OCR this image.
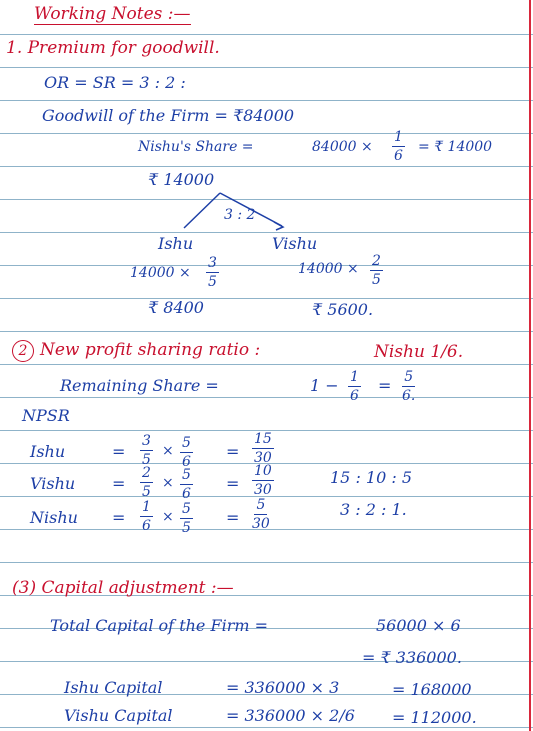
Working Notes :—
1. Premium for goodwill.
OR = SR = 3 : 2 :
Goodwill of the Firm = ₹84000
Nishu's Share =	$84000 \times \frac{1}{6}$ = ₹ 14000
₹ 14000
3 : 2
Ishu	Vishu
$14000 \times \frac{3}{5}$	$14000 \times \frac{2}{5}$
₹ 8400	₹ 5600.
2 New profit sharing ratio :	Nishu 1/6.
Remaining Share =	$1 - \frac{1}{6} = \frac{5}{6.}$
NPSR
Ishu	= $\frac{3}{5} \times \frac{5}{6} = \frac{15}{30}$
Vishu = $\frac{2}{5} \times \frac{5}{6} = \frac{10}{30}$
Nishu = $\frac{1}{6} \times \frac{5}{5} = \frac{5}{30}$
15 : 10 : 5
3 : 2 : 1.
(3) Capital adjustment :—
Total Capital of the Firm =	56000 × 6
= ₹ 336000.
Ishu Capital	= 336000 × 3	= 168000
Vishu Capital	= 336000 × 2/6 = 112000.
